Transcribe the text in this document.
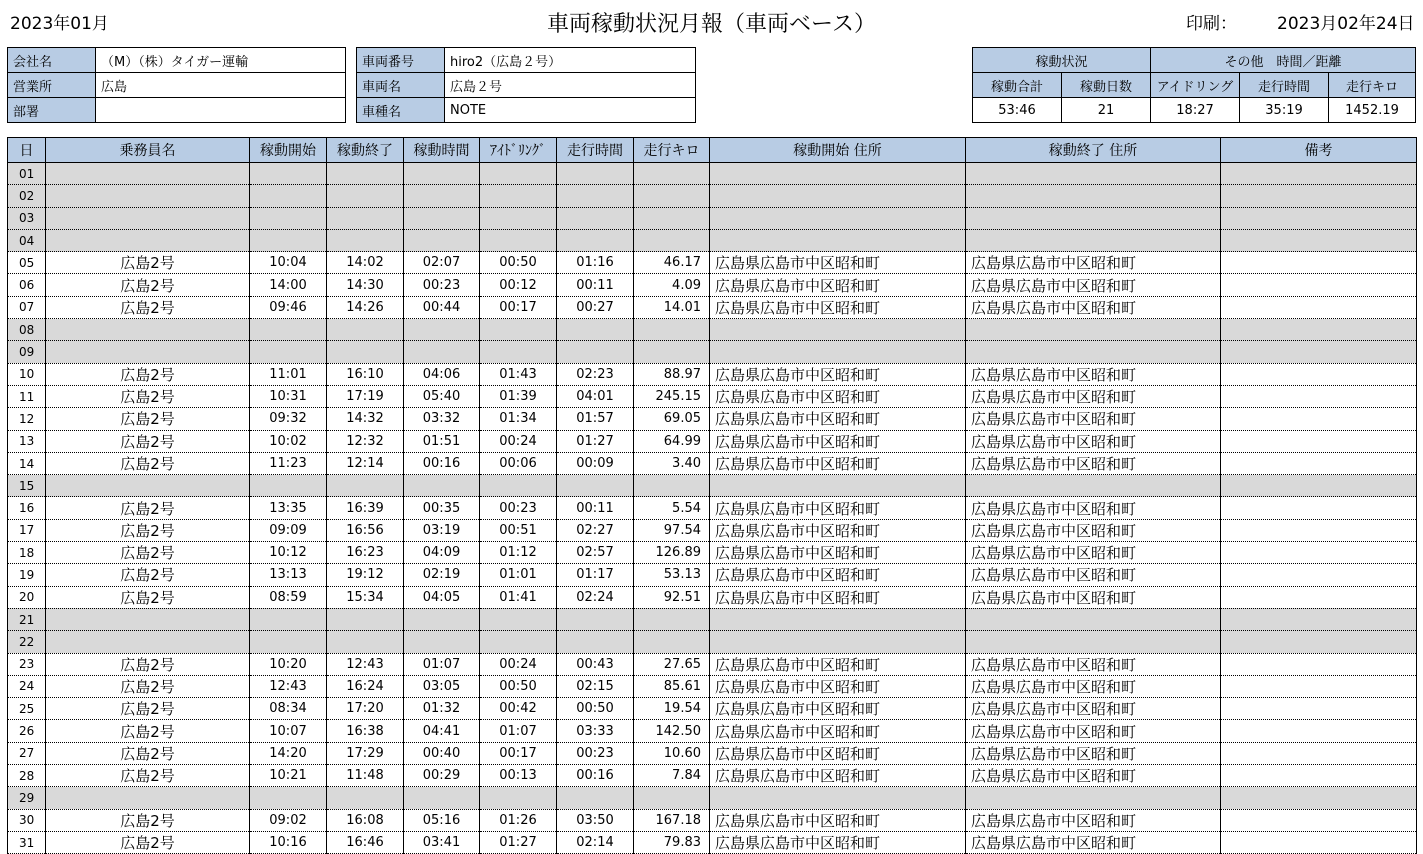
2023年01月	車両稼動状況月報（車両ベース）	印刷： 2023月02年24日
会社名	（M）（株）タイガー運輸
営業所	広島
部署	
車両番号	hiro2（広島２号）
車両名	広島２号
車種名	NOTE
稼動状況		その他　時間／距離		
稼動合計	稼動日数	アイドリング	走行時間	走行キロ
53:46	21	18:27	35:19	1452.19
日	乗務員名	稼動開始	稼動終了	稼動時間	ｱｲﾄﾞﾘﾝｸﾞ	走行時間	走行キロ	稼動開始 住所	稼動終了 住所	備考
01										
02										
03										
04										
05	広島2号	10:04	14:02	02:07	00:50	01:16	46.17	広島県広島市中区昭和町	広島県広島市中区昭和町	
06	広島2号	14:00	14:30	00:23	00:12	00:11	4.09	広島県広島市中区昭和町	広島県広島市中区昭和町	
07	広島2号	09:46	14:26	00:44	00:17	00:27	14.01	広島県広島市中区昭和町	広島県広島市中区昭和町	
08										
09										
10	広島2号	11:01	16:10	04:06	01:43	02:23	88.97	広島県広島市中区昭和町	広島県広島市中区昭和町	
11	広島2号	10:31	17:19	05:40	01:39	04:01	245.15	広島県広島市中区昭和町	広島県広島市中区昭和町	
12	広島2号	09:32	14:32	03:32	01:34	01:57	69.05	広島県広島市中区昭和町	広島県広島市中区昭和町	
13	広島2号	10:02	12:32	01:51	00:24	01:27	64.99	広島県広島市中区昭和町	広島県広島市中区昭和町	
14	広島2号	11:23	12:14	00:16	00:06	00:09	3.40	広島県広島市中区昭和町	広島県広島市中区昭和町	
15										
16	広島2号	13:35	16:39	00:35	00:23	00:11	5.54	広島県広島市中区昭和町	広島県広島市中区昭和町	
17	広島2号	09:09	16:56	03:19	00:51	02:27	97.54	広島県広島市中区昭和町	広島県広島市中区昭和町	
18	広島2号	10:12	16:23	04:09	01:12	02:57	126.89	広島県広島市中区昭和町	広島県広島市中区昭和町	
19	広島2号	13:13	19:12	02:19	01:01	01:17	53.13	広島県広島市中区昭和町	広島県広島市中区昭和町	
20	広島2号	08:59	15:34	04:05	01:41	02:24	92.51	広島県広島市中区昭和町	広島県広島市中区昭和町	
21										
22										
23	広島2号	10:20	12:43	01:07	00:24	00:43	27.65	広島県広島市中区昭和町	広島県広島市中区昭和町	
24	広島2号	12:43	16:24	03:05	00:50	02:15	85.61	広島県広島市中区昭和町	広島県広島市中区昭和町	
25	広島2号	08:34	17:20	01:32	00:42	00:50	19.54	広島県広島市中区昭和町	広島県広島市中区昭和町	
26	広島2号	10:07	16:38	04:41	01:07	03:33	142.50	広島県広島市中区昭和町	広島県広島市中区昭和町	
27	広島2号	14:20	17:29	00:40	00:17	00:23	10.60	広島県広島市中区昭和町	広島県広島市中区昭和町	
28	広島2号	10:21	11:48	00:29	00:13	00:16	7.84	広島県広島市中区昭和町	広島県広島市中区昭和町	
29										
30	広島2号	09:02	16:08	05:16	01:26	03:50	167.18	広島県広島市中区昭和町	広島県広島市中区昭和町	
31	広島2号	10:16	16:46	03:41	01:27	02:14	79.83	広島県広島市中区昭和町	広島県広島市中区昭和町	
